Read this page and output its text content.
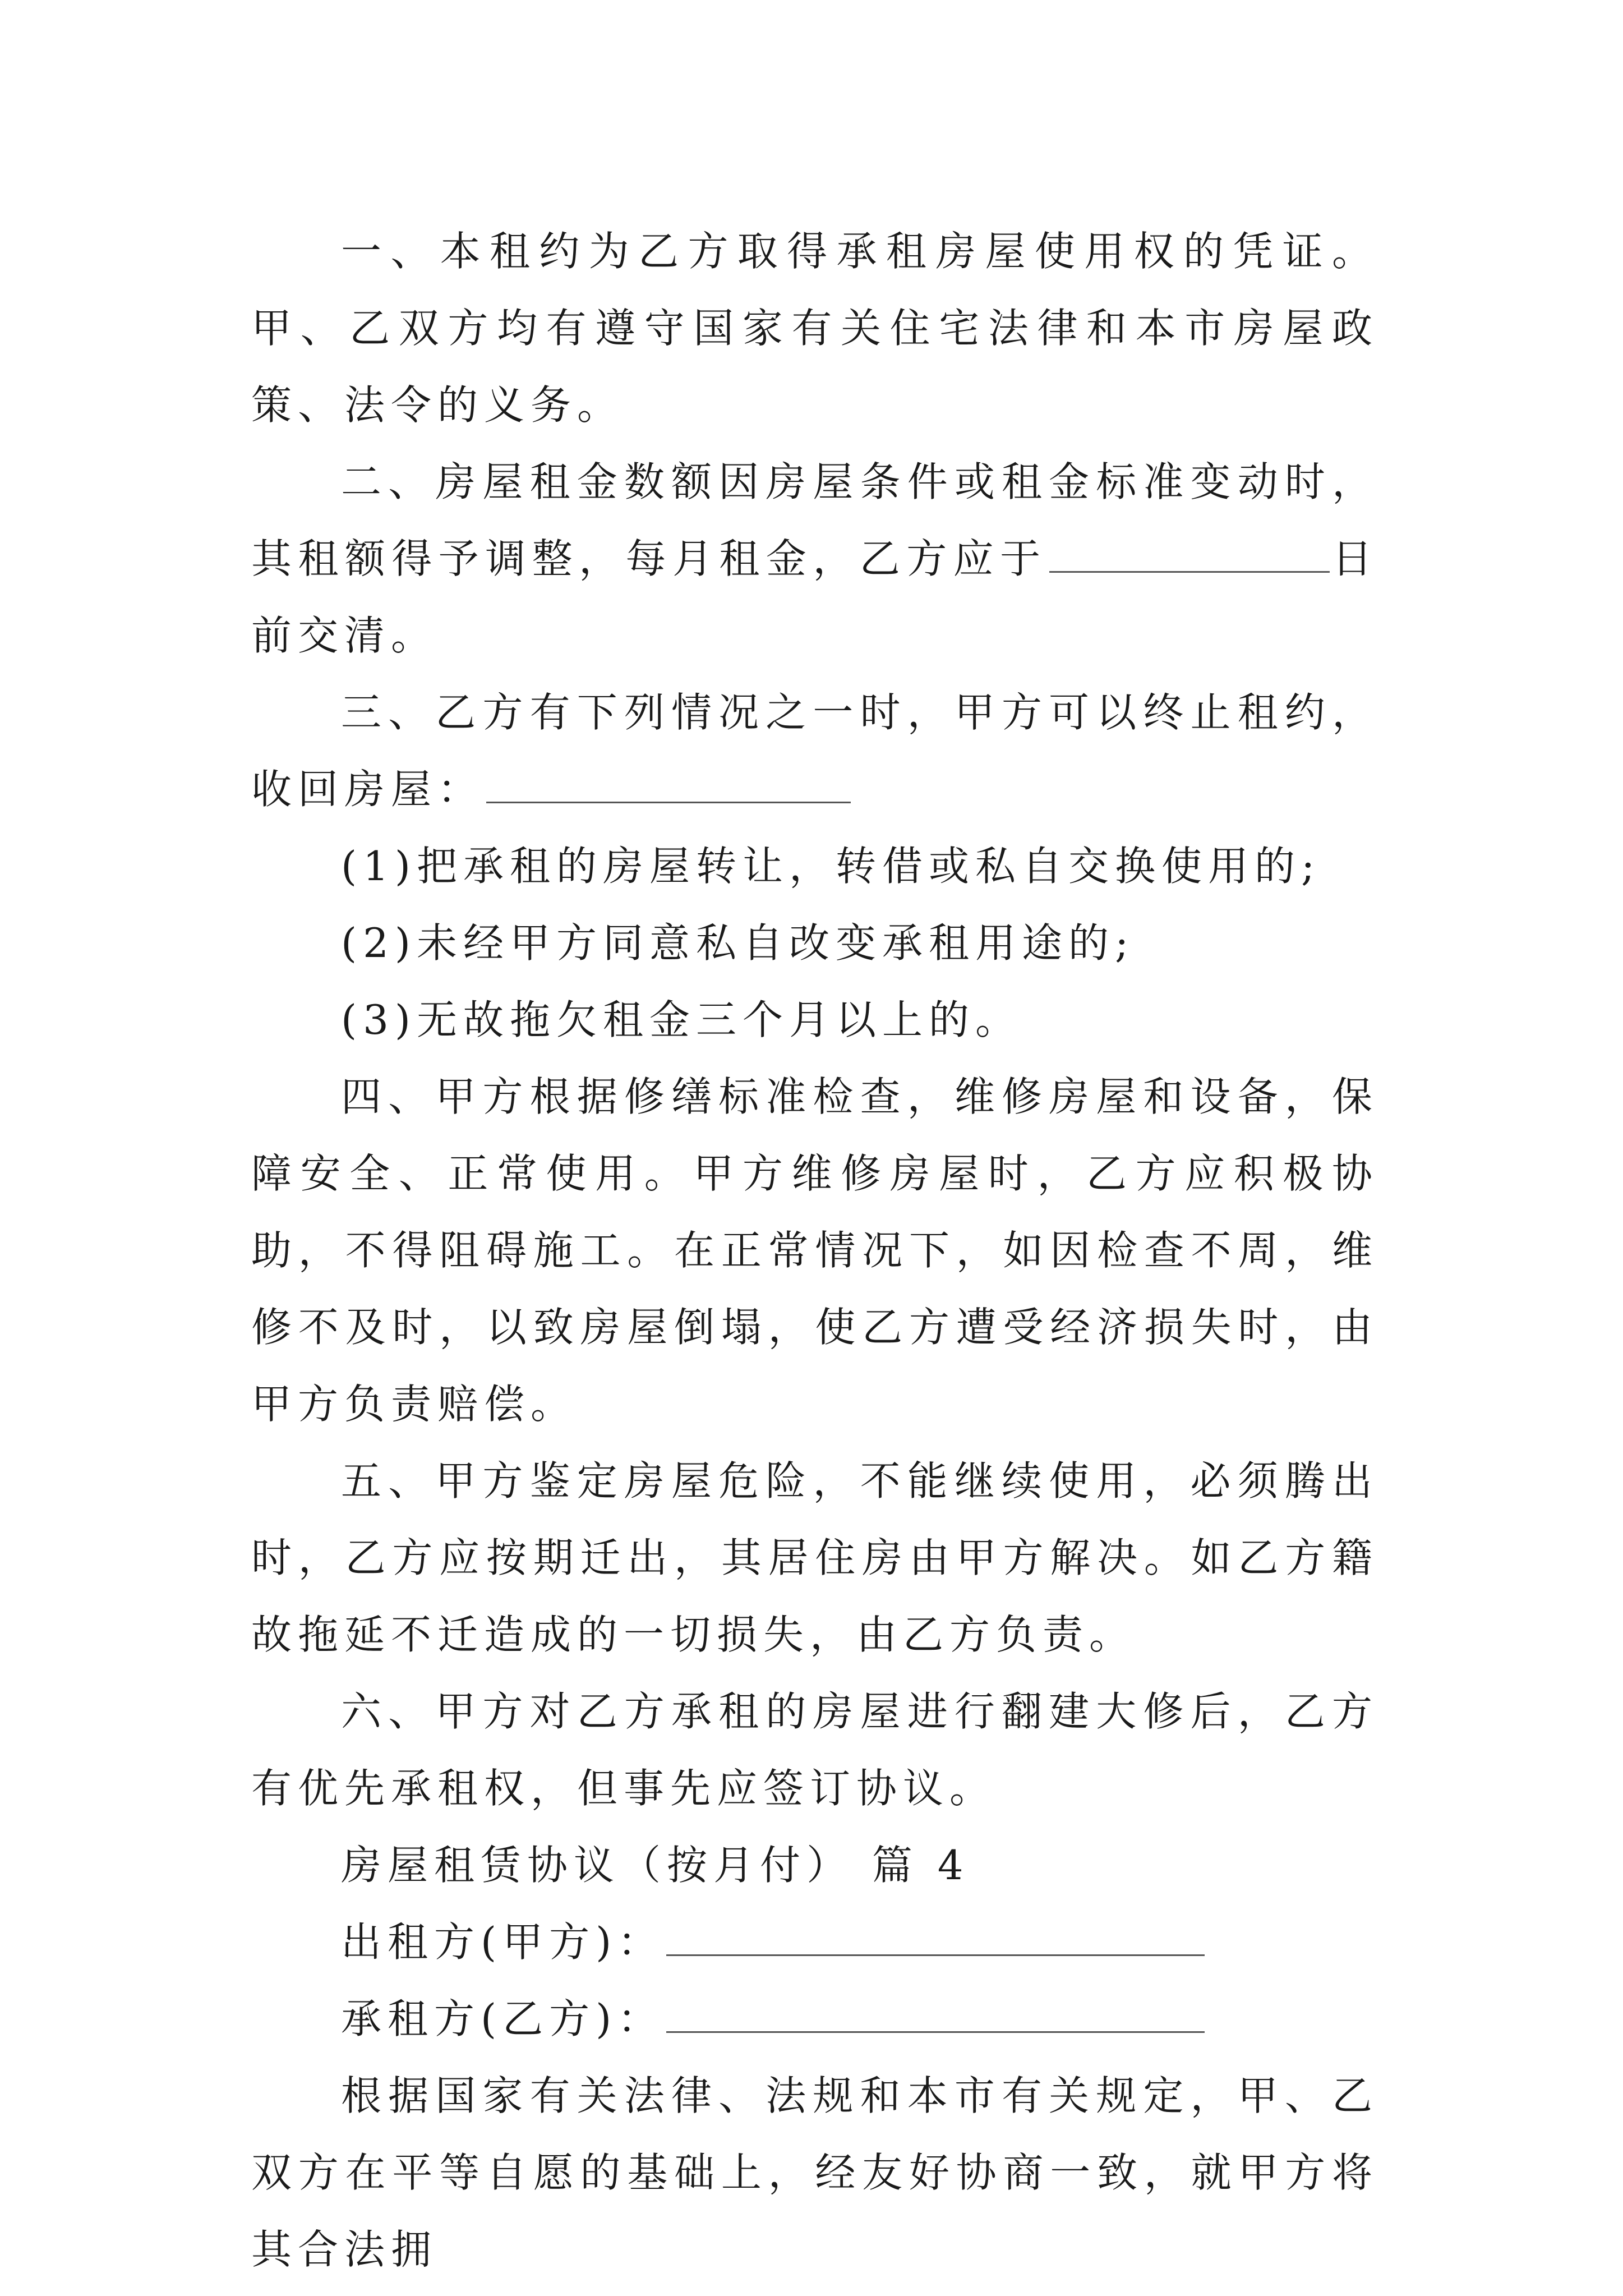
一、本租约为乙方取得承租房屋使用权的凭证。甲、乙双方均有遵守国家有关住宅法律和本市房屋政策、法令的义务。

二、房屋租金数额因房屋条件或租金标准变动时，其租额得予调整，每月租金，乙方应于	日前交清。

三、乙方有下列情况之一时，甲方可以终止租约，收回房屋：

(1)把承租的房屋转让，转借或私自交换使用的;

(2)未经甲方同意私自改变承租用途的;

(3)无故拖欠租金三个月以上的。

四、甲方根据修缮标准检查，维修房屋和设备，保障安全、正常使用。甲方维修房屋时，乙方应积极协助，不得阻碍施工。在正常情况下，如因检查不周，维修不及时，以致房屋倒塌，使乙方遭受经济损失时，由甲方负责赔偿。

五、甲方鉴定房屋危险，不能继续使用，必须腾出时，乙方应按期迁出，其居住房由甲方解决。如乙方籍故拖延不迁造成的一切损失，由乙方负责。

六、甲方对乙方承租的房屋进行翻建大修后，乙方有优先承租权，但事先应签订协议。

房屋租赁协议（按月付） 篇 4

出租方(甲方)：

承租方(乙方)：

根据国家有关法律、法规和本市有关规定，甲、乙双方在平等自愿的基础上，经友好协商一致，就甲方将其合法拥
